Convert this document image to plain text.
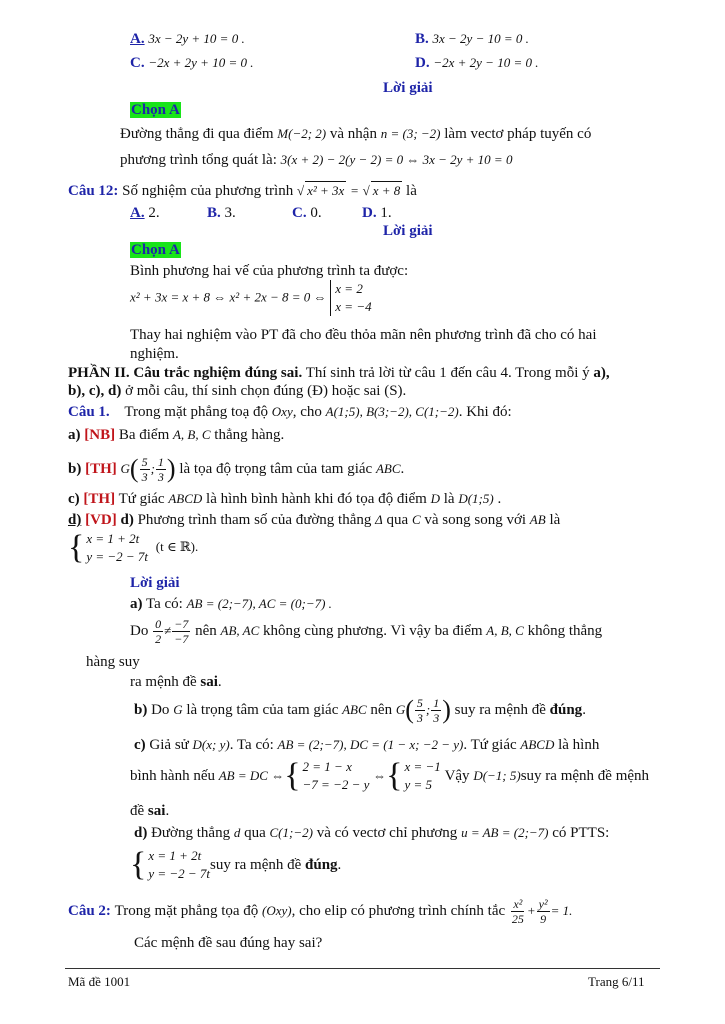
A. 3x − 2y + 10 = 0 .	B. 3x − 2y − 10 = 0 .
C. −2x + 2y + 10 = 0 .	D. −2x + 2y − 10 = 0 .
Lời giải
Chọn A
Đường thẳng đi qua điểm M(−2; 2) và nhận n = (3; −2) làm vectơ pháp tuyến có
phương trình tổng quát là: 3(x + 2) − 2(y − 2) = 0 ⇔ 3x − 2y + 10 = 0
Câu 12: Số nghiệm của phương trình √ x² + 3x = √ x + 8 là
A. 2.	B. 3.	C. 0.	D. 1.
Lời giải
Chọn A
Bình phương hai vế của phương trình ta được:
x² + 3x = x + 8 ⇔ x² + 2x − 8 = 0 ⇔
x = 2
x = −4
Thay hai nghiệm vào PT đã cho đều thỏa mãn nên phương trình đã cho có hai
nghiệm.
PHẦN II. Câu trắc nghiệm đúng sai. Thí sinh trả lời từ câu 1 đến câu 4. Trong mỗi ý a),
b), c), d) ở mỗi câu, thí sinh chọn đúng (Đ) hoặc sai (S).
Câu 1. Trong mặt phẳng toạ độ Oxy, cho A(1;5), B(3;−2), C(1;−2). Khi đó:
a) [NB] Ba điểm A, B, C thẳng hàng.
b)
[TH]
G ( $\frac{5}{3}$ ; $\frac{1}{3}$ )
là tọa độ trọng tâm của tam giác
ABC .
c) [TH] Tứ giác ABCD là hình bình hành khi đó tọa độ điểm D là D(1;5) .
d) [VD] d) Phương trình tham số của đường thẳng Δ qua C và song song với AB là
{ x = 1 + 2t
y = −2 − 7t
(t ∈ ℝ).
Lời giải
a) Ta có: AB = (2;−7), AC = (0;−7) .
Do
$\frac{0}{2} \ne \frac{-7}{-7}$
nên
AB, AC
không cùng phương. Vì vậy ba điểm
A, B, C
không thẳng
hàng suy
ra mệnh đề sai.
b)
Do
G
là trọng tâm của tam giác
ABC
nên
G ( $\frac{5}{3}$ ; $\frac{1}{3}$ )
suy ra mệnh đề
đúng .
c) Giả sử D(x; y). Ta có: AB = (2;−7), DC = (1 − x; −2 − y). Tứ giác ABCD là hình
bình hành nếu
AB = DC ⇔ { 2 = 1 − x
−7 = −2 − y

⇔ { x = −1
y = 5

Vậy
D(−1; 5) suy ra mệnh đề mệnh
đề sai.
d) Đường thẳng d qua C(1;−2) và có vectơ chỉ phương u = AB = (2;−7) có PTTS:
{ x = 1 + 2t
y = −2 − 7t
suy ra mệnh đề
đúng .
Câu 2:
Trong mặt phẳng tọa độ
(Oxy) , cho elip có phương trình chính tắc
$\frac{\text{x²}}{25} + \frac{\text{y²}}{9} = 1$.
Các mệnh đề sau đúng hay sai?
Mã đề 1001	Trang 6/11
